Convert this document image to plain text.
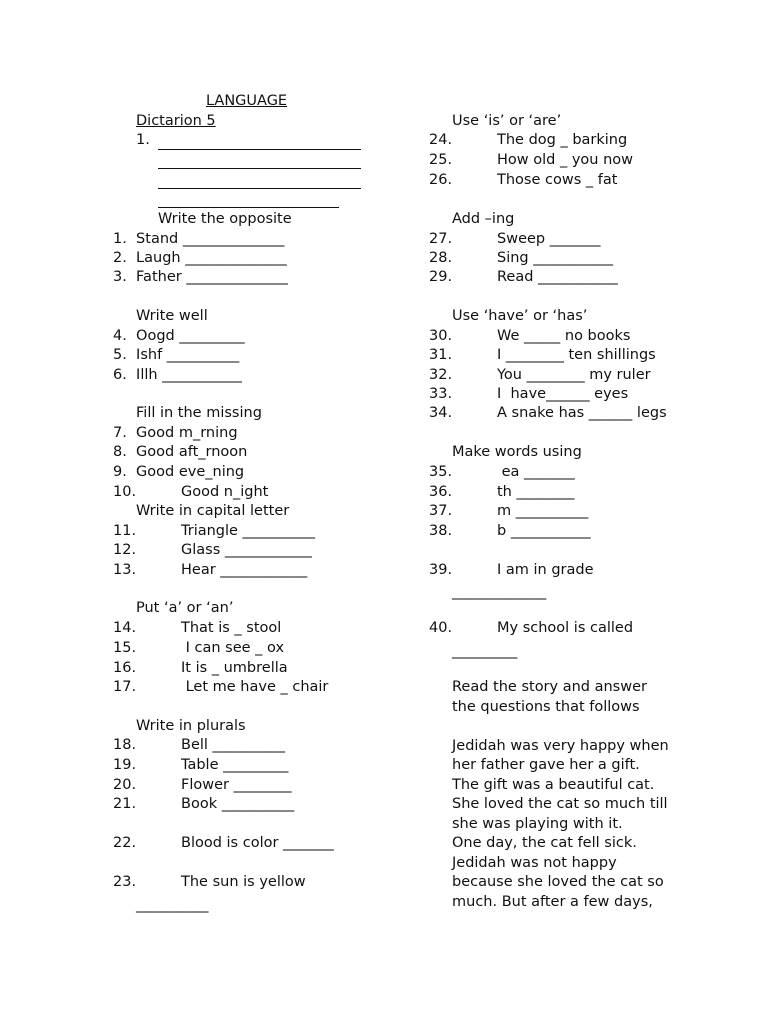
LANGUAGE
Dictarion 5
1.
Write the opposite
1.  Stand ______________
2.  Laugh ______________
3.  Father ______________
Write well
4.  Oogd _________
5.  Ishf __________
6.  Illh ___________
Fill in the missing
7.  Good m_rning
8.  Good aft_rnoon
9.  Good eve_ning
10.	Good n_ight
Write in capital letter
11.	Triangle __________
12.	Glass ____________
13.	Hear ____________
Put ‘a’ or ‘an’
14.	That is _ stool
15.	I can see _ ox
16.	It is _ umbrella
17.	Let me have _ chair
Write in plurals
18.	Bell __________
19.	Table _________
20.	Flower ________
21.	Book __________
22.	Blood is color _______
23.	The sun is yellow
__________
Use ‘is’ or ‘are’
24.	The dog _ barking
25.	How old _ you now
26.	Those cows _ fat
Add –ing
27.	Sweep _______
28.	Sing ___________
29.	Read ___________
Use ‘have’ or ‘has’
30.	We _____ no books
31.	I ________ ten shillings
32.	You ________ my ruler
33.	I  have______ eyes
34.	A snake has ______ legs
Make words using
35.	ea _______
36.	th ________
37.	m __________
38.	b ___________
39.	I am in grade
_____________
40.	My school is called
_________
Read the story and answer
the questions that follows
Jedidah was very happy when
her father gave her a gift.
The gift was a beautiful cat.
She loved the cat so much till
she was playing with it.
One day, the cat fell sick.
Jedidah was not happy
because she loved the cat so
much. But after a few days,
